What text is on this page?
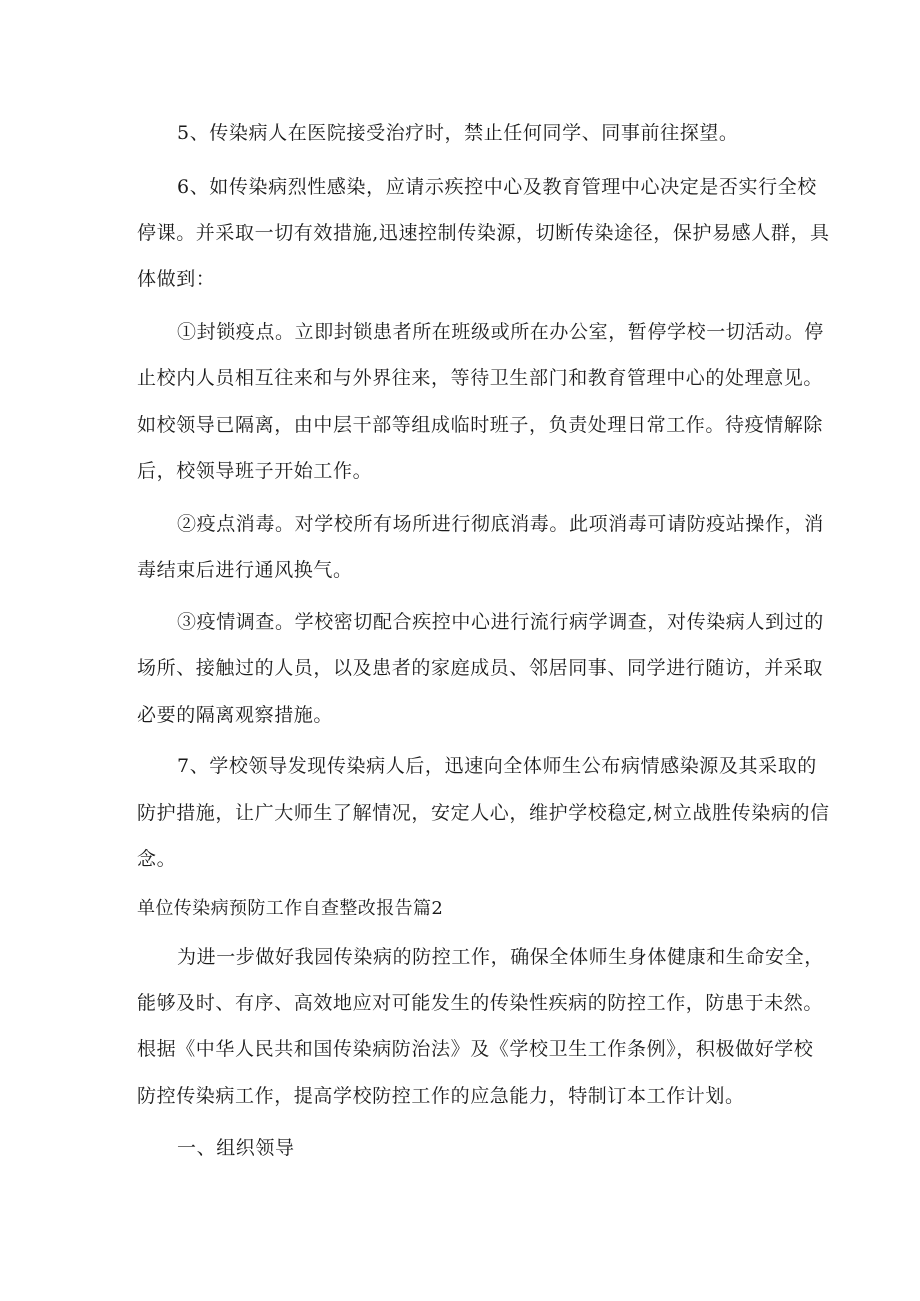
5、传染病人在医院接受治疗时，禁止任何同学、同事前往探望。
6、如传染病烈性感染，应请示疾控中心及教育管理中心决定是否实行全校
停课。并采取一切有效措施,迅速控制传染源，切断传染途径，保护易感人群，具
体做到：
①封锁疫点。立即封锁患者所在班级或所在办公室，暂停学校一切活动。停
止校内人员相互往来和与外界往来，等待卫生部门和教育管理中心的处理意见。
如校领导已隔离，由中层干部等组成临时班子，负责处理日常工作。待疫情解除
后，校领导班子开始工作。
②疫点消毒。对学校所有场所进行彻底消毒。此项消毒可请防疫站操作，消
毒结束后进行通风换气。
③疫情调查。学校密切配合疾控中心进行流行病学调查，对传染病人到过的
场所、接触过的人员，以及患者的家庭成员、邻居同事、同学进行随访，并采取
必要的隔离观察措施。
7、学校领导发现传染病人后，迅速向全体师生公布病情感染源及其采取的
防护措施，让广大师生了解情况，安定人心，维护学校稳定,树立战胜传染病的信
念。
单位传染病预防工作自查整改报告篇2
为进一步做好我园传染病的防控工作，确保全体师生身体健康和生命安全，
能够及时、有序、高效地应对可能发生的传染性疾病的防控工作，防患于未然。
根据《中华人民共和国传染病防治法》及《学校卫生工作条例》，积极做好学校
防控传染病工作，提高学校防控工作的应急能力，特制订本工作计划。
一、组织领导
